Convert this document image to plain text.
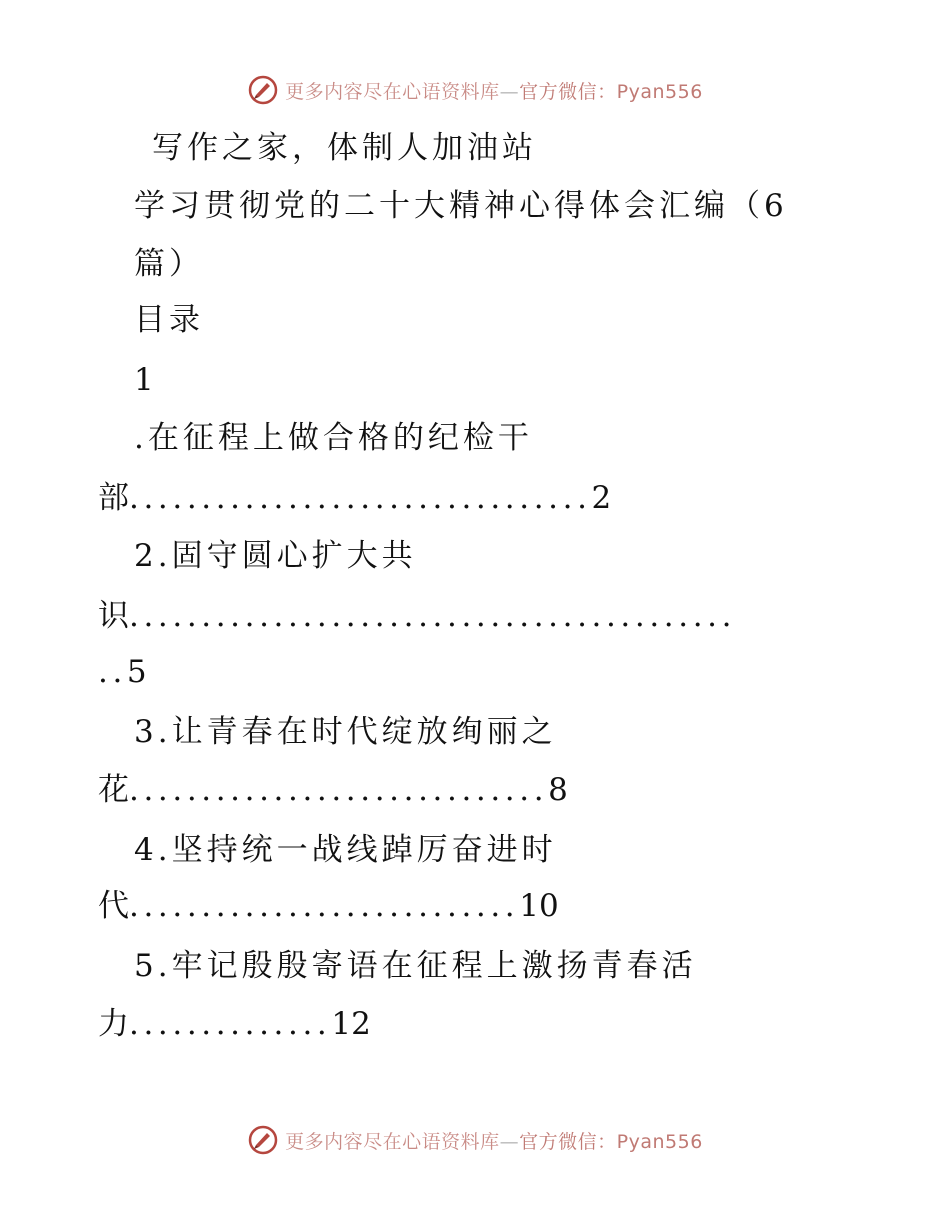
更多内容尽在心语资料库—官方微信：Pyan556
写作之家，体制人加油站
学习贯彻党的二十大精神心得体会汇编（6
篇）
目录
1
.在征程上做合格的纪检干
部................................2
2.固守圆心扩大共
识..........................................
..5
3.让青春在时代绽放绚丽之
花.............................8
4.坚持统一战线踔厉奋进时
代...........................10
5.牢记殷殷寄语在征程上激扬青春活
力..............12
更多内容尽在心语资料库—官方微信：Pyan556
